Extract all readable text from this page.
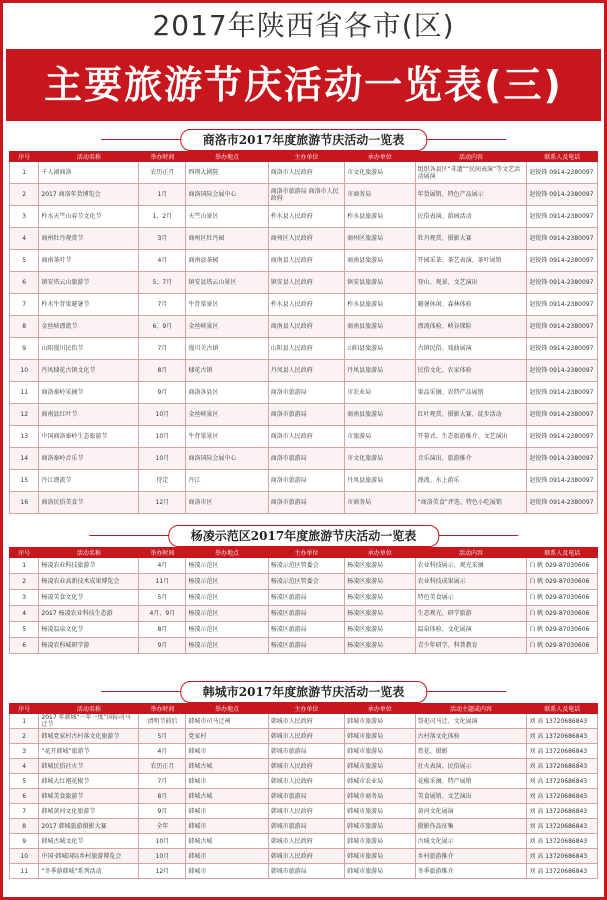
2017年陕西省各市(区)
主要旅游节庆活动一览表(三)
商洛市2017年度旅游节庆活动一览表
序号	活动名称	举办时间	举办地点	主办单位	承办单位	活动内容	联系人及电话
1	千人闹商洛	农历正月	西荆大剧院	商洛市人民政府	市文化旅游局	组织各县区“非遗”“民间表演”等文艺活动展演	赵锐锋 0914-2380097
2	2017 商洛年货博览会	1月	商洛国际会展中心	商洛市旅游局 商洛市人民政府	市商务局	年货展销、特色产品展示	赵锐锋 0914-2380097
3	柞水天竺山春节文化节	1、2月	天竺山景区	柞水县人民政府	柞水县旅游局	民俗表演、游园活动	赵锐锋 0914-2380097
4	商州牡丹观赏节	3月	商州区牡丹园	商州区人民政府	商州区旅游局	牡丹观赏、摄影大赛	赵锐锋 0914-2380097
5	商南茶叶节	4月	商南县茶园	商南县人民政府	商南县旅游局	开园采茶、茶艺表演、茶叶展销	赵锐锋 0914-2380097
6	镇安塔云山旅游节	5、7月	镇安县塔云山景区	镇安县人民政府	镇安县旅游局	登山、观景、文艺演出	赵锐锋 0914-2380097
7	柞水牛背梁避暑节	7月	牛背梁景区	柞水县人民政府	柞水县旅游局	避暑休闲、森林体验	赵锐锋 0914-2380097
8	金丝峡漂流节	6、9月	金丝峡景区	商南县人民政府	商南县旅游局	漂流体验、峡谷探险	赵锐锋 0914-2380097
9	山阳漫川民俗节	7月	漫川关古镇	山阳县人民政府	山阳县旅游局	古镇民俗、戏曲展演	赵锐锋 0914-2380097
10	丹凤棣花古镇文化节	8月	棣花古镇	丹凤县人民政府	丹凤县旅游局	民俗文化、农家体验	赵锐锋 0914-2380097
11	商洛秦岭采摘节	9月	商洛各县区	商洛市旅游局	市农业局	果品采摘、农特产品展销	赵锐锋 0914-2380097
12	商南县红叶节	10月	金丝峡景区	商洛市旅游局	商南县旅游局	红叶观赏、摄影大赛、徒步活动	赵锐锋 0914-2380097
13	中国商洛秦岭生态旅游节	10月	牛背梁景区	商洛市人民政府	市旅游局	开幕式、生态旅游推介、文艺演出	赵锐锋 0914-2380097
14	商洛秦岭音乐节	10月	商洛国际会展中心	商洛市旅游局	市文化旅游局	音乐演出、旅游推介	赵锐锋 0914-2380097
15	丹江漂流节	待定	丹江	商洛市旅游局	丹凤县旅游局	漂流、水上游乐	赵锐锋 0914-2380097
16	商洛民俗美食节	12月	商洛市区	商洛市旅游局	市商务局	“商洛美食”评选、特色小吃展销	赵锐锋 0914-2380097
杨凌示范区2017年度旅游节庆活动一览表
序号	活动名称	举办时间	举办地点	主办单位	承办单位	活动内容	联系人及电话
1	杨凌农业科技旅游节	4月	杨凌示范区	杨凌示范区管委会	杨凌区旅游局	农业科技展示、观光采摘	白 帆 029-87030606
2	杨凌农业高新技术成果博览会	11月	杨凌示范区	杨凌示范区管委会	杨凌区旅游局	农业科技成果展示	白 帆 029-87030606
3	杨凌美食文化节	5月	杨凌示范区	杨凌区旅游局	杨凌区旅游局	特色美食展示	白 帆 029-87030606
4	2017 杨凌农业科技生态游	4月、9月	杨凌示范区	杨凌区旅游局	杨凌区旅游局	生态观光、研学旅游	白 帆 029-87030606
5	杨凌温泉文化节	8月	杨凌示范区	杨凌区旅游局	杨凌区旅游局	温泉体验、文化展演	白 帆 029-87030606
6	杨凌农科城研学游	9月	杨凌示范区	杨凌区旅游局	杨凌区旅游局	青少年研学、科普教育	白 帆 029-87030606
韩城市2017年度旅游节庆活动一览表
序号	活动名称	举办时间	举办地点	主办单位	承办单位	活动主题或内容	联系人及电话
1	2017 年韩城“一年一度”国际司马迁节	清明节前后	韩城市司马迁祠	韩城市人民政府	韩城市旅游局	祭祀司马迁、文化展演	刘 高 13720686843
2	韩城党家村古村落文化旅游节	5月	党家村	韩城市人民政府	韩城市旅游局	古村落文化体验	刘 高 13720686843
3	“花开韩城”旅游节	4月	韩城市	韩城市旅游局	韩城市旅游局	赏花、摄影	刘 高 13720686843
4	韩城民俗社火节	农历正月	韩城古城	韩城市人民政府	韩城市旅游局	社火表演、民俗展示	刘 高 13720686843
5	韩城大红袍花椒节	7月	韩城市	韩城市人民政府	韩城市农业局	花椒采摘、特产展销	刘 高 13720686843
6	韩城美食旅游节	8月	韩城古城	韩城市旅游局	韩城市商务局	美食展销、文艺演出	刘 高 13720686843
7	韩城黄河文化旅游节	9月	韩城市	韩城市人民政府	韩城市旅游局	黄河文化展演	刘 高 13720686843
8	2017 韩城旅游摄影大赛	全年	韩城市	韩城市旅游局	韩城市旅游局	摄影作品征集	刘 高 13720686843
9	韩城古城文化节	10月	韩城古城	韩城市人民政府	韩城市旅游局	古城文化展示	刘 高 13720686843
10	中国·韩城国际乡村旅游博览会	10月	韩城市	韩城市人民政府	韩城市旅游局	乡村旅游推介	刘 高 13720686843
11	“冬季游韩城”系列活动	12月	韩城市	韩城市旅游局	韩城市旅游局	冬季旅游推介	刘 高 13720686843
